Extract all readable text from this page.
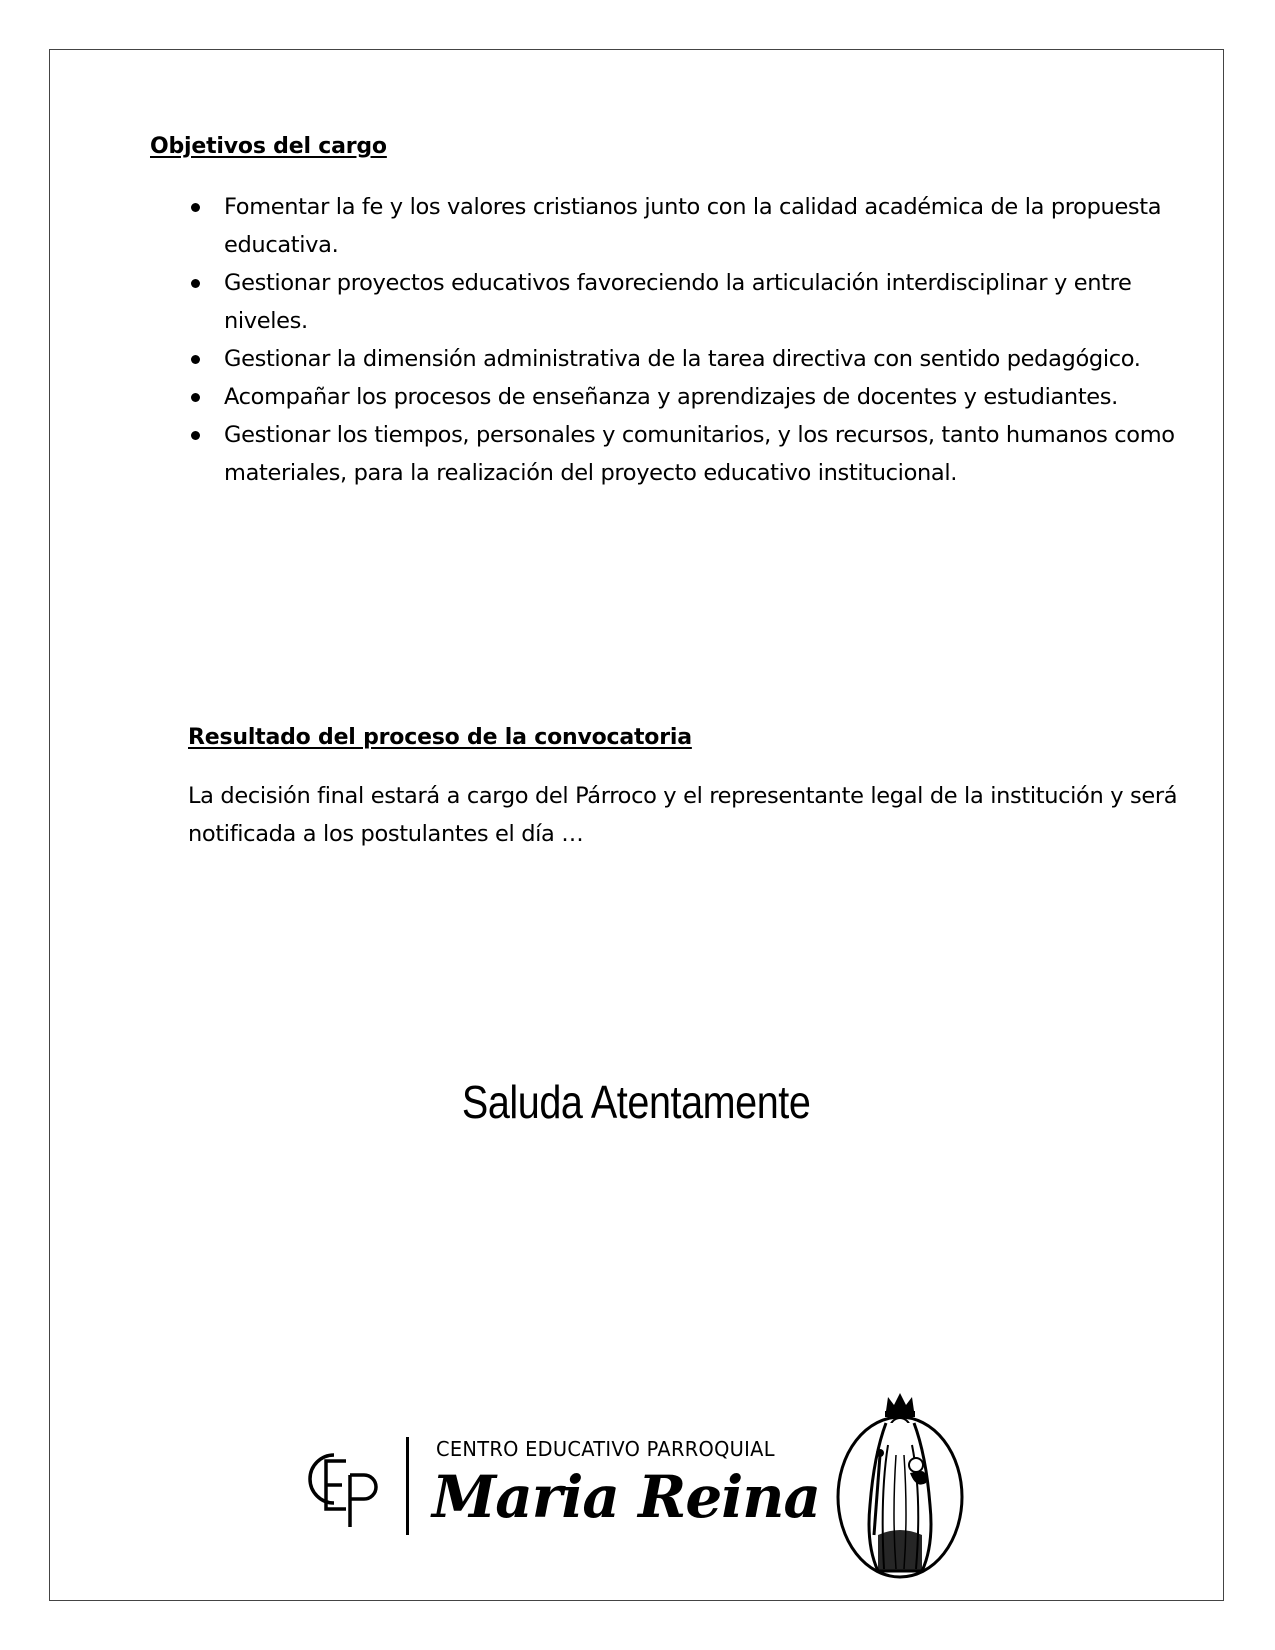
Objetivos del cargo
Fomentar la fe y los valores cristianos junto con la calidad académica de la propuesta educativa.
Gestionar proyectos educativos favoreciendo la articulación interdisciplinar y entre niveles.
Gestionar la dimensión administrativa de la tarea directiva con sentido pedagógico.
Acompañar los procesos de enseñanza y aprendizajes de docentes y estudiantes.
Gestionar los tiempos, personales y comunitarios, y los recursos, tanto humanos como materiales, para la realización del proyecto educativo institucional.
Resultado del proceso de la convocatoria

La decisión final estará a cargo del Párroco y el representante legal de la institución y será notificada a los postulantes el día …

Saluda Atentamente
CENTRO EDUCATIVO PARROQUIAL
Maria Reina
